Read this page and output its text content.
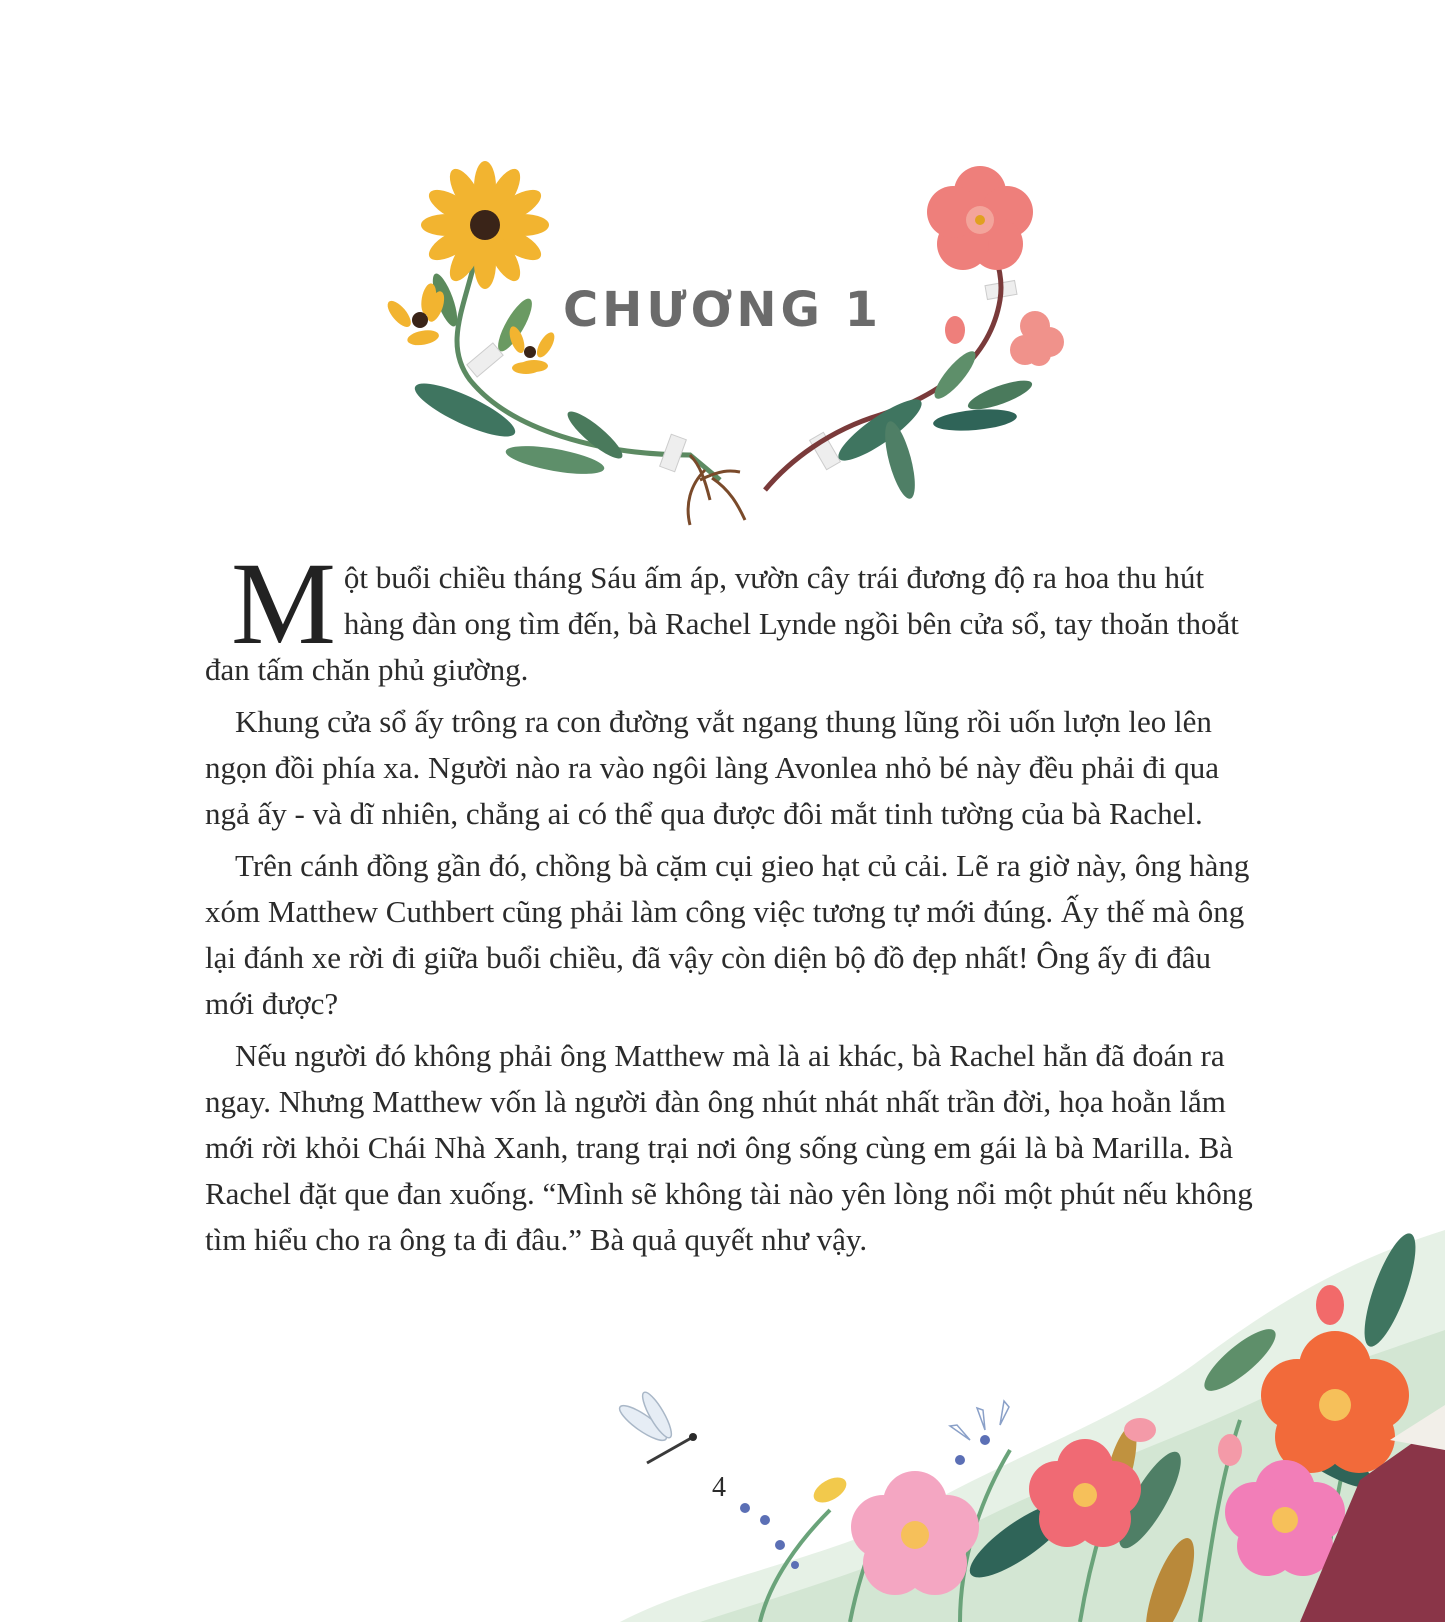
CHƯƠNG 1

Một buổi chiều tháng Sáu ấm áp, vườn cây trái đương độ ra hoa thu hút hàng đàn ong tìm đến, bà Rachel Lynde ngồi bên cửa sổ, tay thoăn thoắt đan tấm chăn phủ giường.

Khung cửa sổ ấy trông ra con đường vắt ngang thung lũng rồi uốn lượn leo lên ngọn đồi phía xa. Người nào ra vào ngôi làng Avonlea nhỏ bé này đều phải đi qua ngả ấy - và dĩ nhiên, chẳng ai có thể qua được đôi mắt tinh tường của bà Rachel.

Trên cánh đồng gần đó, chồng bà cặm cụi gieo hạt củ cải. Lẽ ra giờ này, ông hàng xóm Matthew Cuthbert cũng phải làm công việc tương tự mới đúng. Ấy thế mà ông lại đánh xe rời đi giữa buổi chiều, đã vậy còn diện bộ đồ đẹp nhất! Ông ấy đi đâu mới được?

Nếu người đó không phải ông Matthew mà là ai khác, bà Rachel hẳn đã đoán ra ngay. Nhưng Matthew vốn là người đàn ông nhút nhát nhất trần đời, họa hoằn lắm mới rời khỏi Chái Nhà Xanh, trang trại nơi ông sống cùng em gái là bà Marilla. Bà Rachel đặt que đan xuống. “Mình sẽ không tài nào yên lòng nổi một phút nếu không tìm hiểu cho ra ông ta đi đâu.” Bà quả quyết như vậy.

4
